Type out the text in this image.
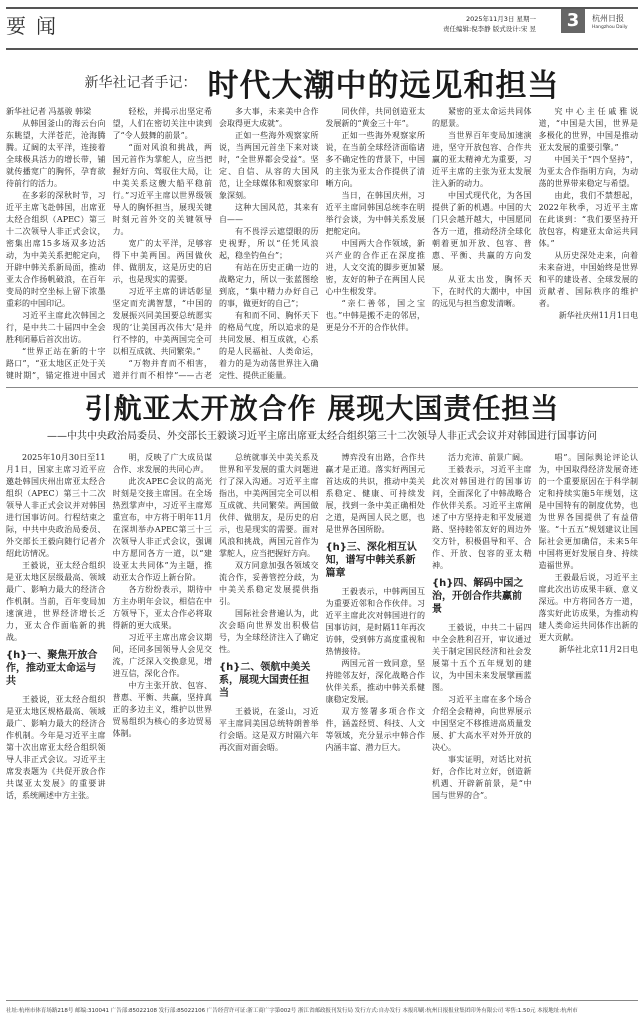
要闻	2025年11月3日 星期一
责任编辑:倪李静 版式设计:宋 昱	3	杭州日报
Hangzhou Daily
新华社记者手记： 时代大潮中的远见和担当

新华社记者 冯基骏 韩梁

从韩国釜山的海云台向东眺望，大洋苍茫，沧海腾腾。辽阔的太平洋，连接着全球极具活力的增长带，铺就传播宽广的胸怀，孕育欲待前行的活力。

在多彩的深秋时节，习近平主席飞赴韩国，出席亚太经合组织（APEC）第三十二次领导人非正式会议，密集出席15多场双多边活动，为中美关系把舵定向，开辟中韩关系新局面，推动亚太合作扬帆破浪，在百年变局的时空坐标上留下浓墨重彩的中国印记。

习近平主席此次韩国之行，是中共二十届四中全会胜利闭幕后首次出访。

“世界正站在新的十字路口”，“亚太地区正处于关键时期”，锚定推进中国式

轻松，并揭示出坚定希望，人们在密切关注中读到了“令人鼓舞的前景”。

“面对风浪和挑战，两国元首作为掌舵人，应当把握好方向、驾驭住大局，让中美关系这艘大船平稳前行。”习近平主席以世界级领导人的胸怀担当，展现关键时刻元首外交的关键领导力。

宽广的太平洋，足够容得下中美两国。两国做伙伴、做朋友，这是历史的启示，也是现实的需要。

习近平主席的讲话彰显坚定而充满智慧，“中国的发展振兴同美国要总统愿实现的‘让美国再次伟大’是并行不悖的，中美两国完全可以相互成就、共同繁荣。”

“万物并育而不相害，道并行而不相悖”——古老

多大事，未来美中合作会取得更大成就”。

正如一些海外观察家所说，当两国元首坐下来对谈时，“全世界都会受益”。坚定、自信、从容的大国风范，让全球媒体和观察家印象深刻。

这种大国风范，其来有自——

有不畏浮云遮望眼的历史视野，所以“任凭风浪起，稳坐钓鱼台”；

有站在历史正确一边的战略定力，所以一张蓝图绘到底，“集中精力办好自己的事，做更好的自己”；

有和而不同、胸怀天下的格局气度，所以追求的是共同发展、相互成就，心系的是人民福祉、人类命运，着力的是为动荡世界注入确定性、提供正能量。

同伙伴，共同创造亚太发展新的“黄金三十年”。

正如一些海外观察家所说，在当前全球经济面临诸多不确定性的背景下，中国的主张为亚太合作提供了清晰方向。

当日，在韩国庆州，习近平主席同韩国总统李在明举行会谈，为中韩关系发展把舵定向。

中国两大合作领域，新兴产业的合作正在深度推进，人文交流的脚步更加紧密，友好的种子在两国人民心中生根发芽。

“亲仁善邻，国之宝也。”中韩是搬不走的邻居，更是分不开的合作伙伴。

紧密的亚太命运共同体的愿景。

当世界百年变局加速演进，坚守开放包容、合作共赢的亚太精神尤为重要，习近平主席的主张为亚太发展注入新的动力。

中国式现代化，为各国提供了新的机遇。中国的大门只会越开越大，中国愿同各方一道，推动经济全球化朝着更加开放、包容、普惠、平衡、共赢的方向发展。

从亚太出发，胸怀天下，在时代的大潮中，中国的远见与担当愈发清晰。

究中心主任戚雅说道，“中国是大国，世界是多极化的世界，中国是推动亚太发展的重要引擎。”

中国关于“四个坚持”，为亚太合作指明方向，为动荡的世界带来稳定与希望。

由此，我们不禁想起，2022年秋季，习近平主席在此谈到：“我们要坚持开放包容，构建亚太命运共同体。”

从历史深处走来，向着未来奋进，中国始终是世界和平的建设者、全球发展的贡献者、国际秩序的维护者。

新华社庆州11月1日电

引航亚太开放合作 展现大国责任担当
——中共中央政治局委员、外交部长王毅谈习近平主席出席亚太经合组织第三十二次领导人非正式会议并对韩国进行国事访问

2025年10月30日至11月1日，国家主席习近平应邀赴韩国庆州出席亚太经合组织（APEC）第三十二次领导人非正式会议并对韩国进行国事访问。行程结束之际，中共中央政治局委员、外交部长王毅向随行记者介绍此访情况。

王毅说，亚太经合组织是亚太地区层级最高、领域最广、影响力最大的经济合作机制。当前，百年变局加速演进，世界经济增长乏力，亚太合作面临新的挑战。

{h}一、聚焦开放合作，推动亚太命运与共

王毅说，亚太经合组织是亚太地区规格最高、领域最广、影响力最大的经济合作机制。今年是习近平主席第十次出席亚太经合组织领导人非正式会议。习近平主席发表题为《共促开放合作 共谋亚太发展》的重要讲话，系统阐述中方主张。

明，反映了广大成员谋合作、求发展的共同心声。

此次APEC会议的高光时刻是交接主席国。在全场热烈掌声中，习近平主席郑重宣布，中方将于明年11月在深圳举办APEC第三十三次领导人非正式会议，强调中方愿同各方一道，以“建设亚太共同体”为主题，推动亚太合作迈上新台阶。

各方纷纷表示，期待中方主办明年会议，相信在中方领导下，亚太合作必将取得新的更大成果。

习近平主席出席会议期间，还同多国领导人会见交流，广泛深入交换意见，增进互信，深化合作。

中方主张开放、包容、普惠、平衡、共赢，坚持真正的多边主义，维护以世界贸易组织为核心的多边贸易体制。

总统就事关中美关系及世界和平发展的重大问题进行了深入沟通。习近平主席指出，中美两国完全可以相互成就、共同繁荣。两国做伙伴、做朋友，是历史的启示，也是现实的需要。面对风浪和挑战，两国元首作为掌舵人，应当把握好方向。

双方同意加强各领域交流合作，妥善管控分歧，为中美关系稳定发展提供指引。

国际社会普遍认为，此次会晤向世界发出积极信号，为全球经济注入了确定性。

{h}二、领航中美关系，展现大国责任担当

王毅说，在釜山，习近平主席同美国总统特朗普举行会晤。这是双方时隔六年再次面对面会晤。

博弈没有出路，合作共赢才是正道。落实好两国元首达成的共识，推动中美关系稳定、健康、可持续发展，找到一条中美正确相处之道，是两国人民之愿，也是世界各国所盼。

{h}三、深化相互认知，谱写中韩关系新篇章

王毅表示，中韩两国互为重要近邻和合作伙伴。习近平主席此次对韩国进行的国事访问，是时隔11年再次访韩，受到韩方高度重视和热情接待。

两国元首一致同意，坚持睦邻友好，深化战略合作伙伴关系，推动中韩关系健康稳定发展。

双方签署多项合作文件，涵盖经贸、科技、人文等领域，充分显示中韩合作内涵丰富、潜力巨大。

活力充沛、前景广阔。

王毅表示，习近平主席此次对韩国进行的国事访问，全面深化了中韩战略合作伙伴关系。习近平主席阐述了中方坚持走和平发展道路、坚持睦邻友好的周边外交方针，积极倡导和平、合作、开放、包容的亚太精神。

{h}四、解码中国之治，开创合作共赢前景

王毅说，中共二十届四中全会胜利召开，审议通过关于制定国民经济和社会发展第十五个五年规划的建议，为中国未来发展擘画蓝图。

习近平主席在多个场合介绍全会精神，向世界展示中国坚定不移推进高质量发展、扩大高水平对外开放的决心。

事实证明，对话比对抗好，合作比对立好，创造新机遇、开辟新前景，是“中国与世界的合”。

唱”。国际舆论评论认为，中国取得经济发展奇迹的一个重要原因在于科学制定和持续实施5年规划，这是中国特有的制度优势，也为世界各国提供了有益借鉴。“十五五”规划建议让国际社会更加确信，未来5年中国将更好发展自身、持续造福世界。

王毅最后说，习近平主席此次出访成果丰硕、意义深远。中方将同各方一道，落实好此访成果，为推动构建人类命运共同体作出新的更大贡献。

新华社北京11月2日电

社址:杭州市体育场路218号 邮编:310041 广告部:85022108 发行部:85022106 广告经营许可证:浙工商广字第002号 浙江省邮政报刊发行局 发行方式:自办发行 本报印刷:杭州日报报业集团印务有限公司 零售:1.50元 本报地址:杭州市
